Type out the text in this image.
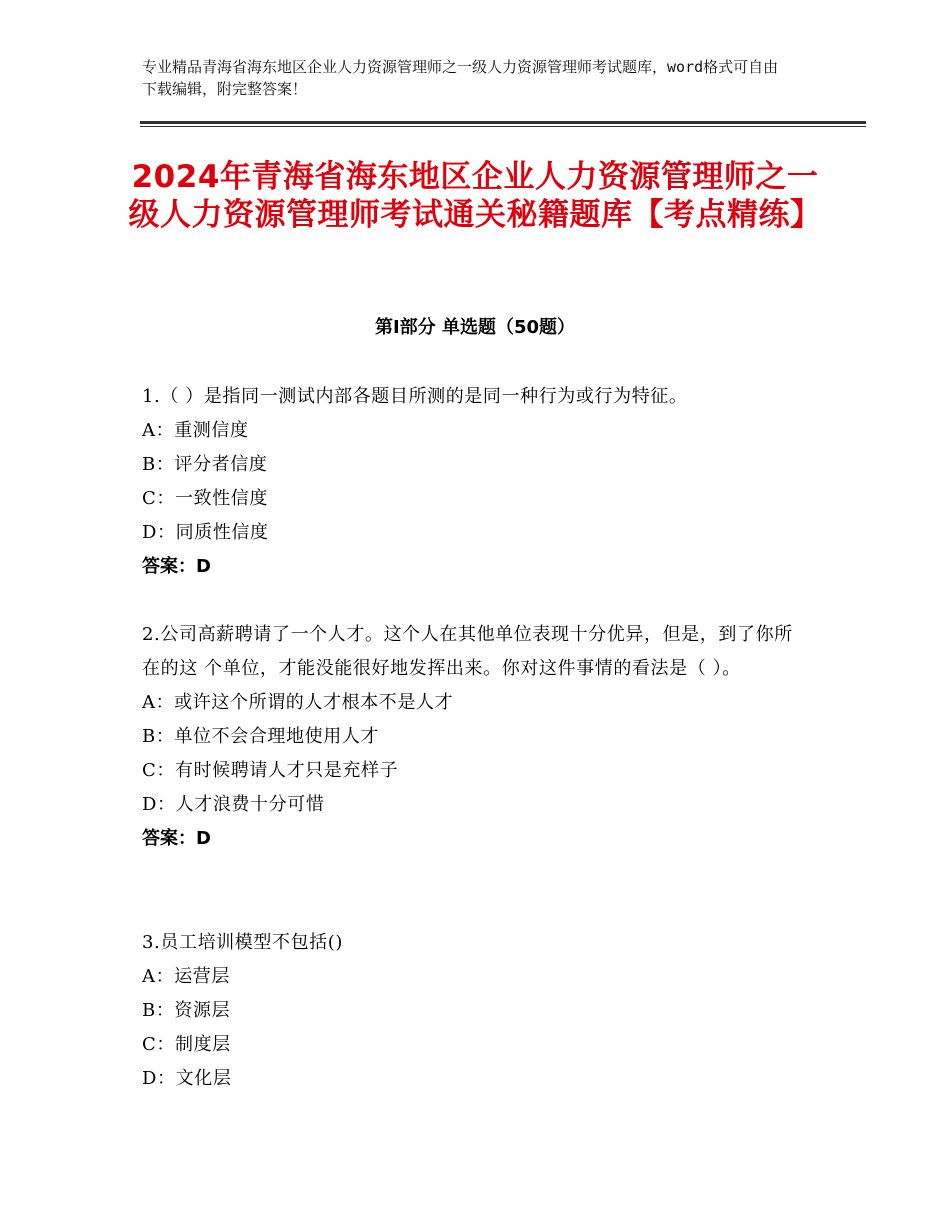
专业精品青海省海东地区企业人力资源管理师之一级人力资源管理师考试题库，word格式可自由下载编辑，附完整答案！

2024年青海省海东地区企业人力资源管理师之一级人力资源管理师考试通关秘籍题库【考点精练】
第Ⅰ部分 单选题（50题）

1.（ ）是指同一测试内部各题目所测的是同一种行为或行为特征。

A：重测信度

B：评分者信度

C：一致性信度

D：同质性信度

答案：D

2.公司高薪聘请了一个人才。这个人在其他单位表现十分优异，但是，到了你所在的这 个单位，才能没能很好地发挥出来。你对这件事情的看法是（ ）。

A：或许这个所谓的人才根本不是人才

B：单位不会合理地使用人才

C：有时候聘请人才只是充样子

D：人才浪费十分可惜

答案：D

3.员工培训模型不包括()

A：运营层

B：资源层

C：制度层

D：文化层
